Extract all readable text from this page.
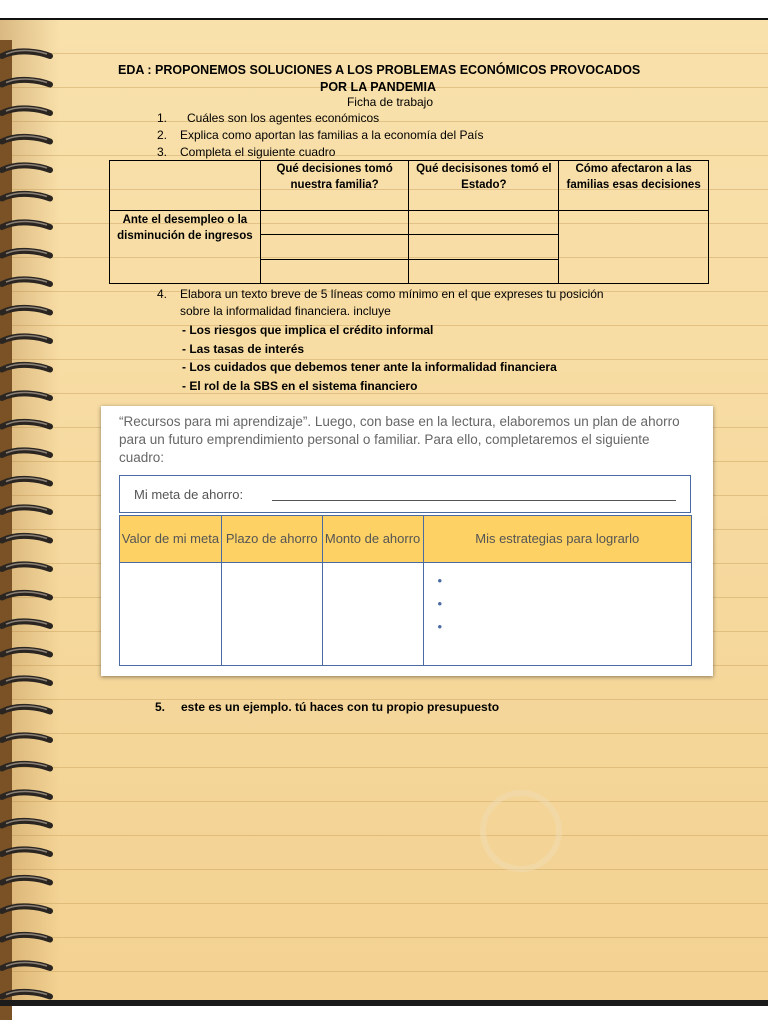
EDA : PROPONEMOS SOLUCIONES A LOS PROBLEMAS ECONÓMICOS PROVOCADOS
POR LA PANDEMIA
Ficha de trabajo
1. Cuáles son los agentes económicos
2. Explica como aportan las familias a la economía del País
3. Completa el siguiente cuadro
	Qué decisiones tomó nuestra familia?	Qué decisisones tomó el Estado?	Cómo afectaron a las familias esas decisiones
Ante el desempleo o la disminución de ingresos			

4. Elabora un texto breve de 5 líneas como mínimo en el que expreses tu posición
sobre la informalidad financiera. incluye
- Los riesgos que implica el crédito informal
- Las tasas de interés
- Los cuidados que debemos tener ante la informalidad financiera
- El rol de la SBS en el sistema financiero
“Recursos para mi aprendizaje”. Luego, con base en la lectura, elaboremos un plan de ahorro para un futuro emprendimiento personal o familiar. Para ello, completaremos el siguiente cuadro:
Mi meta de ahorro:
Valor de mi meta	Plazo de ahorro	Monto de ahorro	Mis estrategias para lograrlo

			•
•
•
5. este es un ejemplo. tú haces con tu propio presupuesto
